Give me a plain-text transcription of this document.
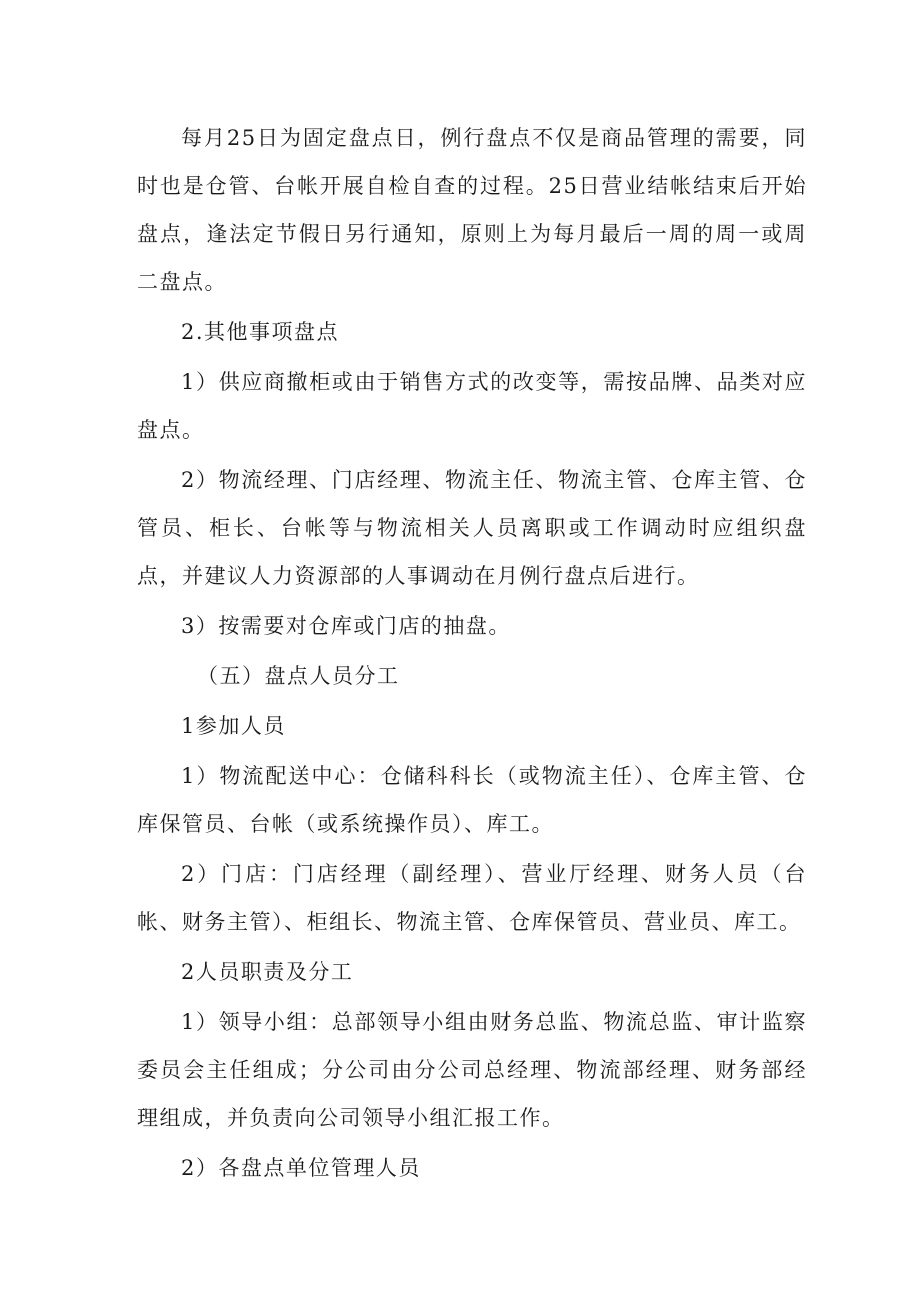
每月25日为固定盘点日，例行盘点不仅是商品管理的需要，同时也是仓管、台帐开展自检自查的过程。25日营业结帐结束后开始盘点，逢法定节假日另行通知，原则上为每月最后一周的周一或周二盘点。

2.其他事项盘点

1）供应商撤柜或由于销售方式的改变等，需按品牌、品类对应盘点。

2）物流经理、门店经理、物流主任、物流主管、仓库主管、仓管员、柜长、台帐等与物流相关人员离职或工作调动时应组织盘点，并建议人力资源部的人事调动在月例行盘点后进行。

3）按需要对仓库或门店的抽盘。

（五）盘点人员分工

1参加人员

1）物流配送中心：仓储科科长（或物流主任）、仓库主管、仓库保管员、台帐（或系统操作员）、库工。

2）门店：门店经理（副经理）、营业厅经理、财务人员（台帐、财务主管）、柜组长、物流主管、仓库保管员、营业员、库工。

2人员职责及分工

1）领导小组：总部领导小组由财务总监、物流总监、审计监察委员会主任组成；分公司由分公司总经理、物流部经理、财务部经理组成，并负责向公司领导小组汇报工作。

2）各盘点单位管理人员
